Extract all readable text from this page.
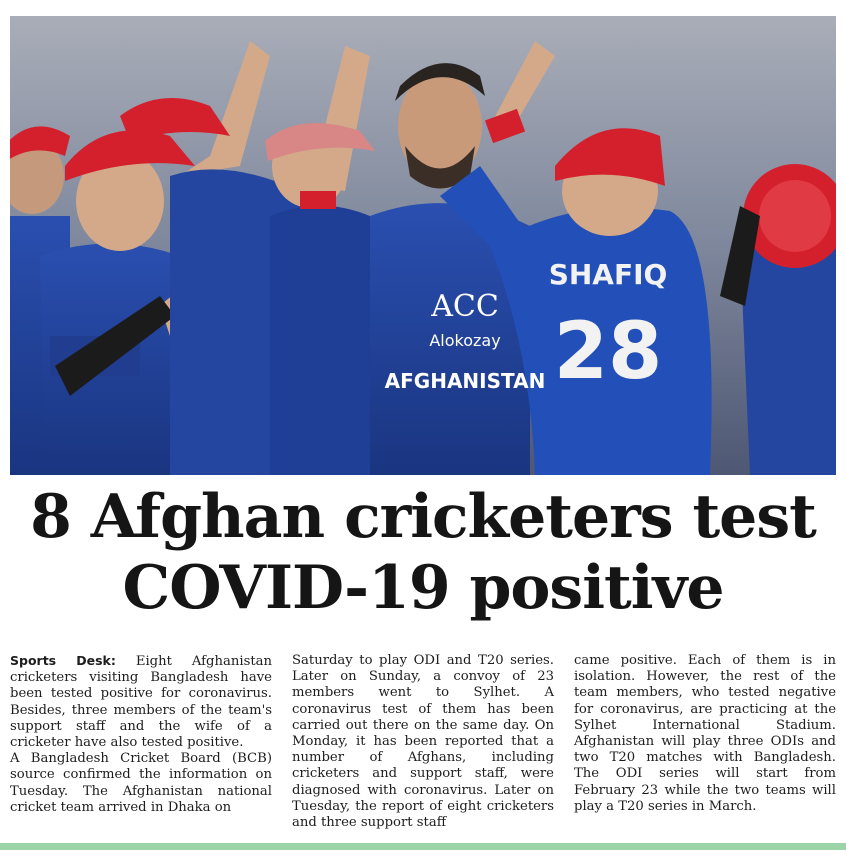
SHAFIQ
28
ACC
Alokozay
AFGHANISTAN
8 Afghan cricketers test
COVID-19 positive

Sports Desk: Eight Afghanistan cricketers visiting Bangladesh have been tested positive for coronavirus. Besides, three members of the team's support staff and the wife of a cricketer have also tested positive.

A Bangladesh Cricket Board (BCB) source confirmed the information on Tuesday. The Afghanistan national cricket team arrived in Dhaka on

Saturday to play ODI and T20 series. Later on Sunday, a convoy of 23 members went to Sylhet. A coronavirus test of them has been carried out there on the same day. On Monday, it has been reported that a number of Afghans, including cricketers and support staff, were diagnosed with coronavirus. Later on Tuesday, the report of eight cricketers and three support staff

came positive. Each of them is in isolation. However, the rest of the team members, who tested negative for coronavirus, are practicing at the Sylhet International Stadium. Afghanistan will play three ODIs and two T20 matches with Bangladesh. The ODI series will start from February 23 while the two teams will play a T20 series in March.
